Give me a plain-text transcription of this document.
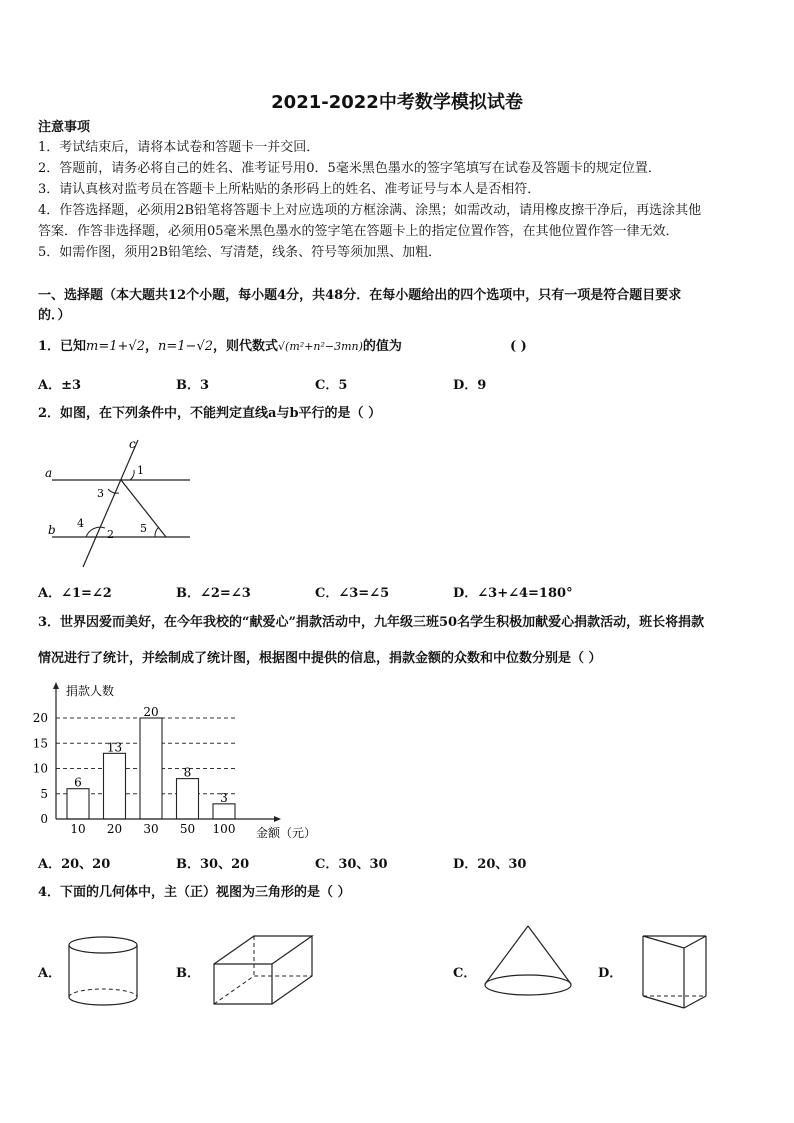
2021-2022中考数学模拟试卷
注意事项
1．考试结束后，请将本试卷和答题卡一并交回．
2．答题前，请务必将自己的姓名、准考证号用0．5毫米黑色墨水的签字笔填写在试卷及答题卡的规定位置．
3．请认真核对监考员在答题卡上所粘贴的条形码上的姓名、准考证号与本人是否相符．
4．作答选择题，必须用2B铅笔将答题卡上对应选项的方框涂满、涂黑；如需改动，请用橡皮擦干净后，再选涂其他
答案．作答非选择题，必须用05毫米黑色墨水的签字笔在答题卡上的指定位置作答，在其他位置作答一律无效．
5．如需作图，须用2B铅笔绘、写清楚，线条、符号等须加黑、加粗．
一、选择题（本大题共12个小题，每小题4分，共48分．在每小题给出的四个选项中，只有一项是符合题目要求
的．）
1．已知m=1+√2，n=1−√2，则代数式√(m²+n²−3mn)的值为	( )
A．±3	B．3	C．5	D．9
2．如图，在下列条件中，不能判定直线a与b平行的是（ ）
a
b
c
1
2
3
4	5
A．∠1=∠2	B．∠2=∠3	C．∠3=∠5	D．∠3+∠4=180°
3．世界因爱而美好，在今年我校的“献爱心”捐款活动中，九年级三班50名学生积极加献爱心捐款活动，班长将捐款
情况进行了统计，并绘制成了统计图，根据图中提供的信息，捐款金额的众数和中位数分别是（ ）
6
13
20
8
3
0
5
10
15
20
10 20 30 50 100
捐款人数
金额（元）
A．20、20	B．30、20	C．30、30	D．20、30
4．下面的几何体中，主（正）视图为三角形的是（ ）
A．	B．	C．	D．
